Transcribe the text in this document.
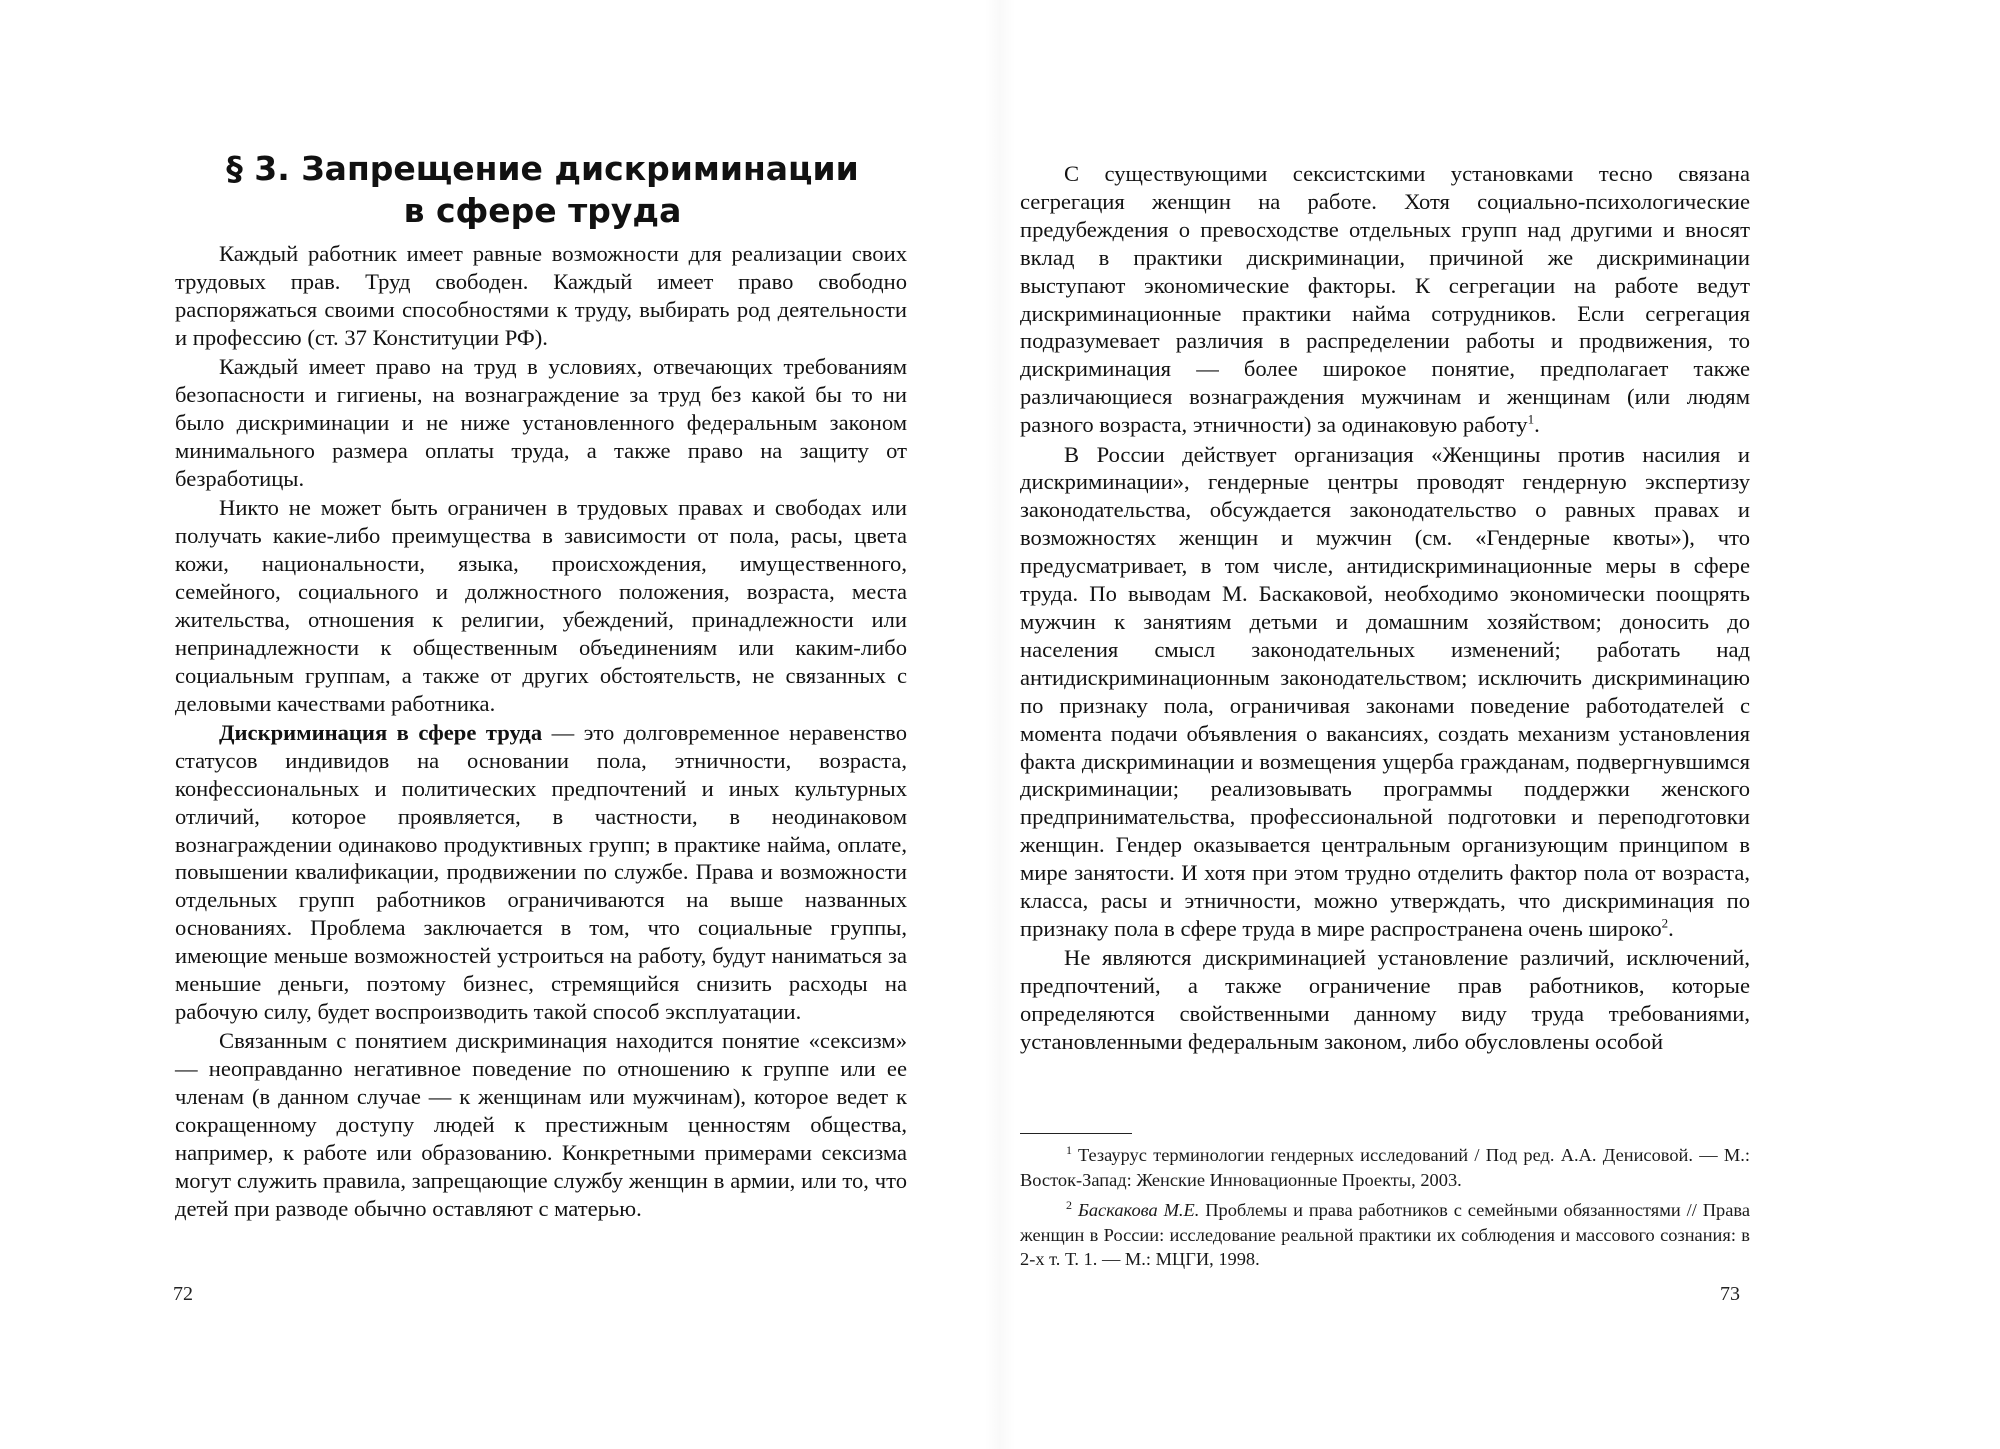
§ 3. Запрещение дискриминации
в сфере труда

Каждый работник имеет равные возможности для реализации своих трудовых прав. Труд свободен. Каждый имеет право свободно распоряжаться своими способностями к труду, выбирать род деятельности и профессию (ст. 37 Конституции РФ).

Каждый имеет право на труд в условиях, отвечающих требованиям безопасности и гигиены, на вознаграждение за труд без какой бы то ни было дискриминации и не ниже установленного федеральным законом минимального размера оплаты труда, а также право на защиту от безработицы.

Никто не может быть ограничен в трудовых правах и свободах или получать какие-либо преимущества в зависимости от пола, расы, цвета кожи, национальности, языка, происхождения, имущественного, семейного, социального и должностного положения, возраста, места жительства, отношения к религии, убеждений, принадлежности или непринадлежности к общественным объединениям или каким-либо социальным группам, а также от других обстоятельств, не связанных с деловыми качествами работника.

Дискриминация в сфере труда — это долговременное неравенство статусов индивидов на основании пола, этничности, возраста, конфессиональных и политических предпочтений и иных культурных отличий, которое проявляется, в частности, в неодинаковом вознаграждении одинаково продуктивных групп; в практике найма, оплате, повышении квалификации, продвижении по службе. Права и возможности отдельных групп работников ограничиваются на выше названных основаниях. Проблема заключается в том, что социальные группы, имеющие меньше возможностей устроиться на работу, будут наниматься за меньшие деньги, поэтому бизнес, стремящийся снизить расходы на рабочую силу, будет воспроизводить такой способ эксплуатации.

Связанным с понятием дискриминация находится понятие «сексизм» — неоправданно негативное поведение по отношению к группе или ее членам (в данном случае — к женщинам или мужчинам), которое ведет к сокращенному доступу людей к престижным ценностям общества, например, к работе или образованию. Конкретными примерами сексизма могут служить правила, запрещающие службу женщин в армии, или то, что детей при разводе обычно оставляют с матерью.

72

С существующими сексистскими установками тесно связана сегрегация женщин на работе. Хотя социально-психологические предубеждения о превосходстве отдельных групп над другими и вносят вклад в практики дискриминации, причиной же дискриминации выступают экономические факторы. К сегрегации на работе ведут дискриминационные практики найма сотрудников. Если сегрегация подразумевает различия в распределении работы и продвижения, то дискриминация — более широкое понятие, предполагает также различающиеся вознаграждения мужчинам и женщинам (или людям разного возраста, этничности) за одинаковую работу$^1$.

В России действует организация «Женщины против насилия и дискриминации», гендерные центры проводят гендерную экспертизу законодательства, обсуждается законодательство о равных правах и возможностях женщин и мужчин (см. «Гендерные квоты»), что предусматривает, в том числе, антидискриминационные меры в сфере труда. По выводам М. Баскаковой, необходимо экономически поощрять мужчин к занятиям детьми и домашним хозяйством; доносить до населения смысл законодательных изменений; работать над антидискриминационным законодательством; исключить дискриминацию по признаку пола, ограничивая законами поведение работодателей с момента подачи объявления о вакансиях, создать механизм установления факта дискриминации и возмещения ущерба гражданам, подвергнувшимся дискриминации; реализовывать программы поддержки женского предпринимательства, профессиональной подготовки и переподготовки женщин. Гендер оказывается центральным организующим принципом в мире занятости. И хотя при этом трудно отделить фактор пола от возраста, класса, расы и этничности, можно утверждать, что дискриминация по признаку пола в сфере труда в мире распространена очень широко$^2$.

Не являются дискриминацией установление различий, исключений, предпочтений, а также ограничение прав работников, которые определяются свойственными данному виду труда требованиями, установленными федеральным законом, либо обусловлены особой

$^1$ Тезаурус терминологии гендерных исследований / Под ред. А.А. Денисовой. — М.: Восток-Запад: Женские Инновационные Проекты, 2003.

$^2$ Баскакова М.Е. Проблемы и права работников с семейными обязанностями // Права женщин в России: исследование реальной практики их соблюдения и массового сознания: в 2-х т. Т. 1. — М.: МЦГИ, 1998.

73
